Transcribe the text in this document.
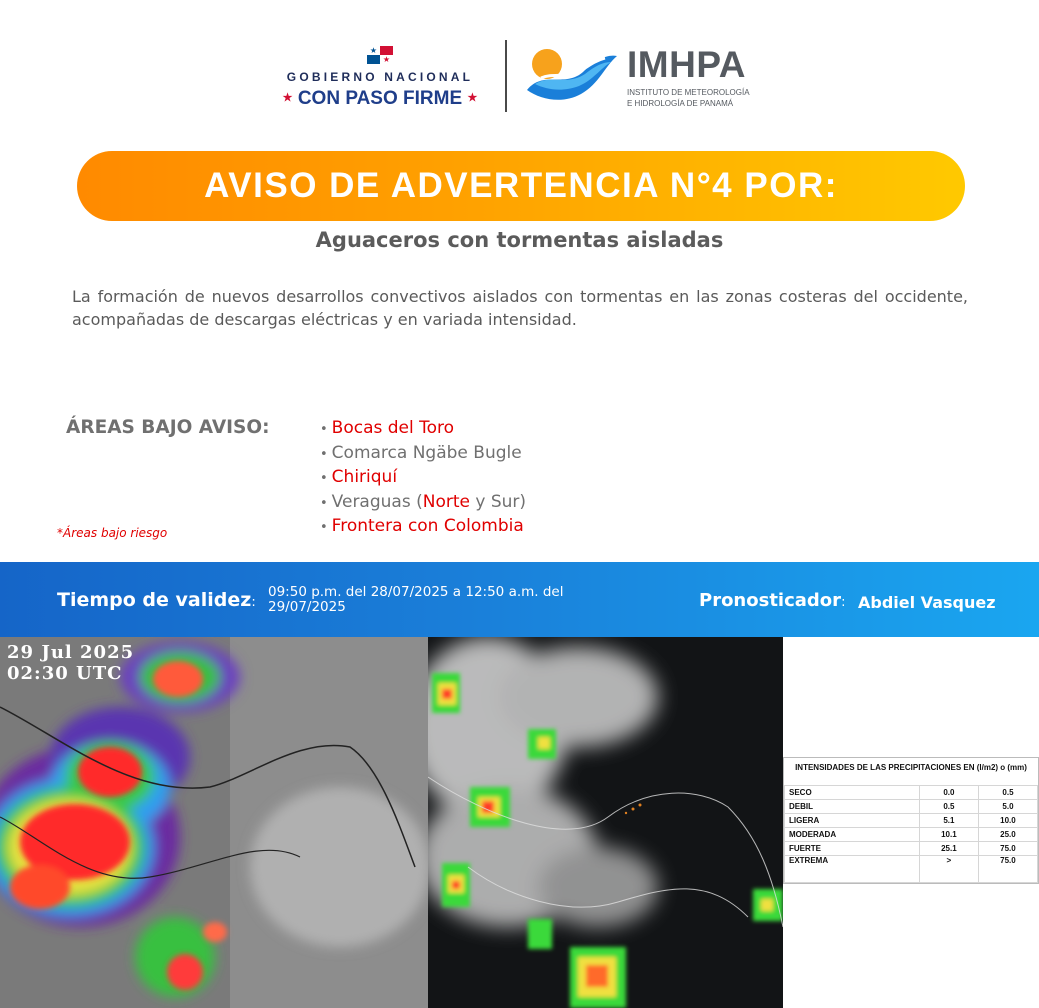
★
★
GOBIERNO NACIONAL
★ CON PASO FIRME ★
IMHPA
INSTITUTO DE METEOROLOGÍA
E HIDROLOGÍA DE PANAMÁ
AVISO DE ADVERTENCIA N°4 POR:
Aguaceros con tormentas aisladas
La formación de nuevos desarrollos convectivos aislados con tormentas en las zonas costeras del occidente, acompañadas de descargas eléctricas y en variada intensidad.
ÁREAS BAJO AVISO:	• Bocas del Toro
• Comarca Ngäbe Bugle
• Chiriquí
• Veraguas (Norte y Sur)
• Frontera con Colombia
*Áreas bajo riesgo
Tiempo de validez:
09:50 p.m. del 28/07/2025 a 12:50 a.m. del 29/07/2025	Pronosticador: Abdiel Vasquez
29 Jul 2025
02:30 UTC
INTENSIDADES DE LAS PRECIPITACIONES EN (l/m2) o (mm)
SECO	0.0	0.5
DEBIL	0.5	5.0
LIGERA	5.1	10.0
MODERADA	10.1	25.0
FUERTE	25.1	75.0
EXTREMA	>	75.0
